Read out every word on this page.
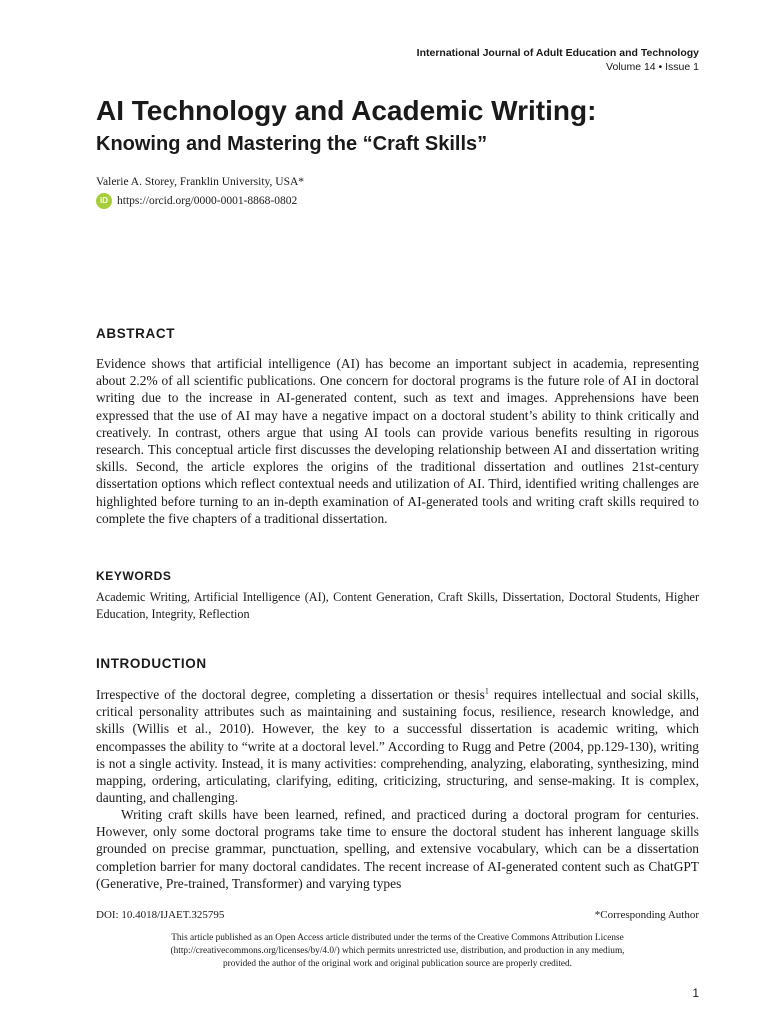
International Journal of Adult Education and Technology
Volume 14 • Issue 1
AI Technology and Academic Writing:
Knowing and Mastering the “Craft Skills”
Valerie A. Storey, Franklin University, USA*
iD https://orcid.org/0000-0001-8868-0802
ABSTRACT

Evidence shows that artificial intelligence (AI) has become an important subject in academia, representing about 2.2% of all scientific publications. One concern for doctoral programs is the future role of AI in doctoral writing due to the increase in AI-generated content, such as text and images. Apprehensions have been expressed that the use of AI may have a negative impact on a doctoral student’s ability to think critically and creatively. In contrast, others argue that using AI tools can provide various benefits resulting in rigorous research. This conceptual article first discusses the developing relationship between AI and dissertation writing skills. Second, the article explores the origins of the traditional dissertation and outlines 21st-century dissertation options which reflect contextual needs and utilization of AI. Third, identified writing challenges are highlighted before turning to an in-depth examination of AI-generated tools and writing craft skills required to complete the five chapters of a traditional dissertation.

KEYWORDS

Academic Writing, Artificial Intelligence (AI), Content Generation, Craft Skills, Dissertation, Doctoral Students, Higher Education, Integrity, Reflection

INTRODUCTION

Irrespective of the doctoral degree, completing a dissertation or thesis$^1$ requires intellectual and social skills, critical personality attributes such as maintaining and sustaining focus, resilience, research knowledge, and skills (Willis et al., 2010). However, the key to a successful dissertation is academic writing, which encompasses the ability to “write at a doctoral level.” According to Rugg and Petre (2004, pp.129-130), writing is not a single activity. Instead, it is many activities: comprehending, analyzing, elaborating, synthesizing, mind mapping, ordering, articulating, clarifying, editing, criticizing, structuring, and sense-making. It is complex, daunting, and challenging.

Writing craft skills have been learned, refined, and practiced during a doctoral program for centuries. However, only some doctoral programs take time to ensure the doctoral student has inherent language skills grounded on precise grammar, punctuation, spelling, and extensive vocabulary, which can be a dissertation completion barrier for many doctoral candidates. The recent increase of AI-generated content such as ChatGPT (Generative, Pre-trained, Transformer) and varying types

DOI: 10.4018/IJAET.325795	*Corresponding Author
This article published as an Open Access article distributed under the terms of the Creative Commons Attribution License
(http://creativecommons.org/licenses/by/4.0/) which permits unrestricted use, distribution, and production in any medium,
provided the author of the original work and original publication source are properly credited.
1
